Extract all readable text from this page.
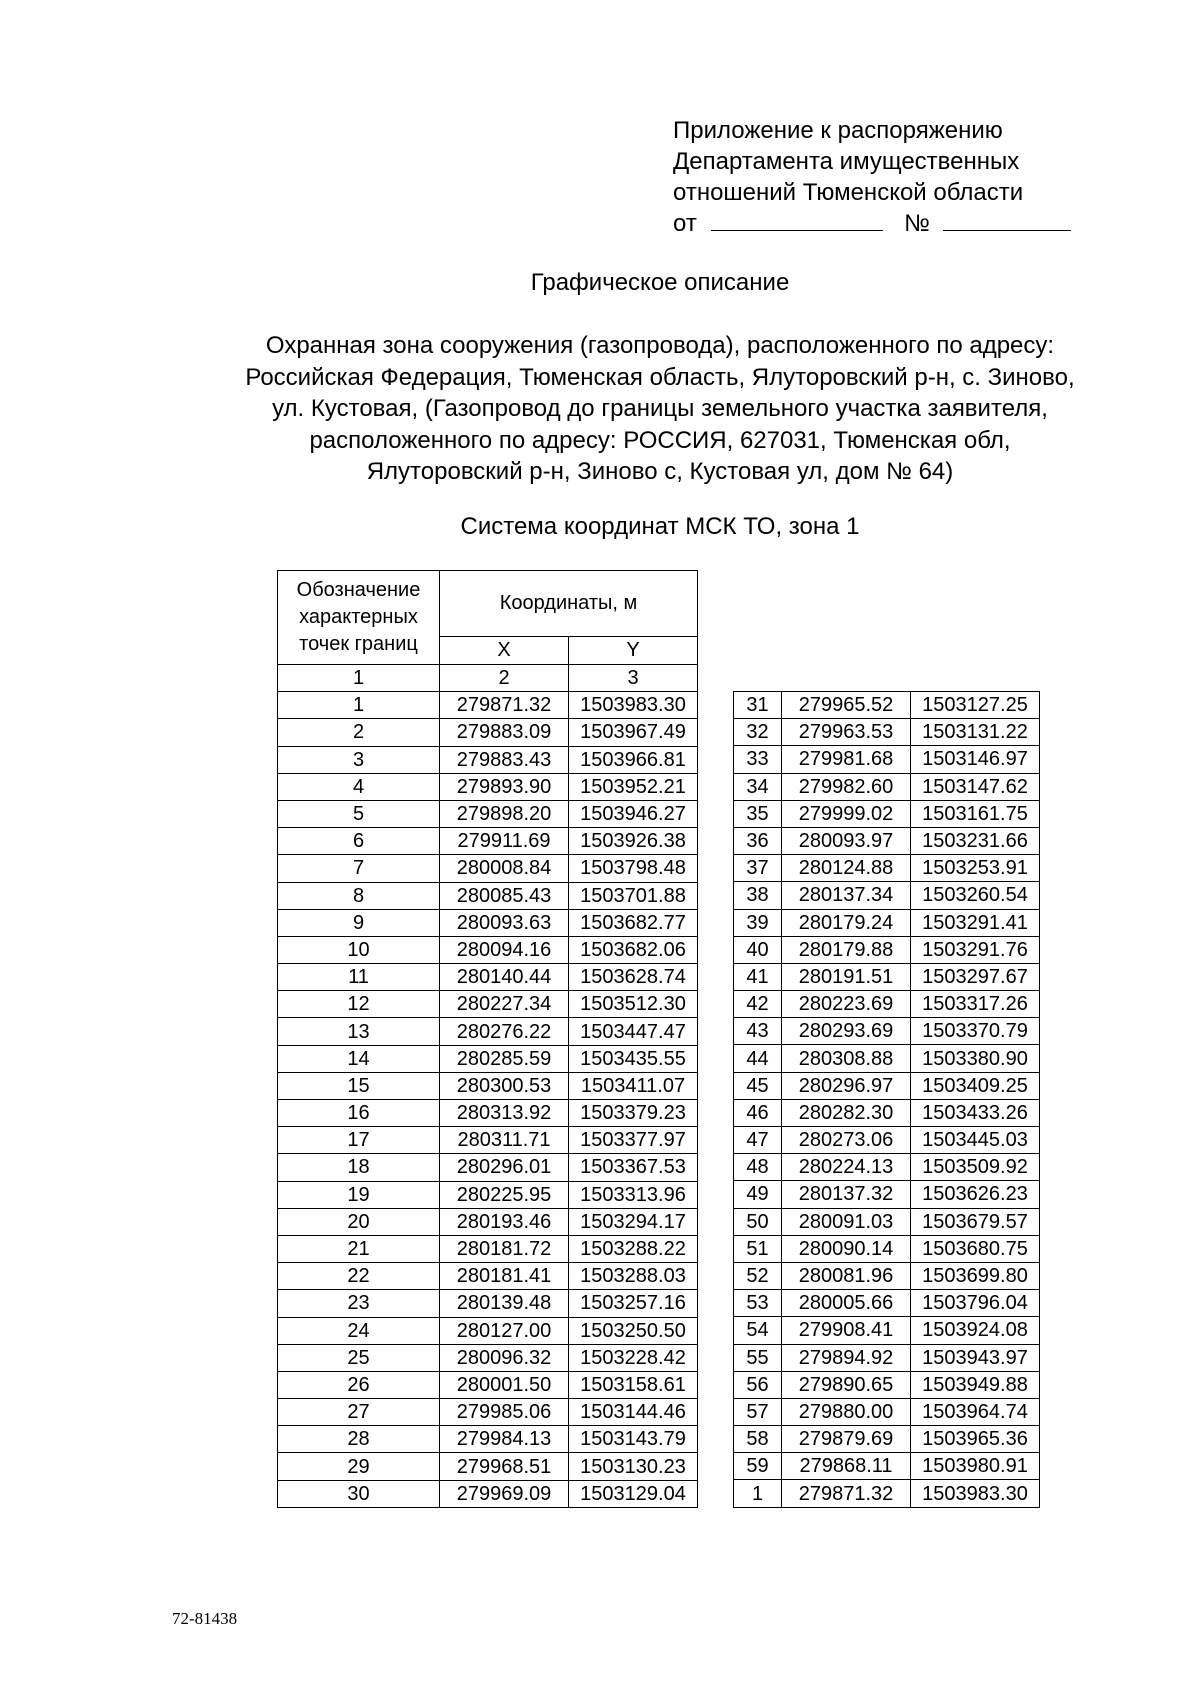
Приложение к распоряжению
Департамента имущественных
отношений Тюменской области
от	№
Графическое описание
Охранная зона сооружения (газопровода), расположенного по адресу:
Российская Федерация, Тюменская область, Ялуторовский р-н, с. Зиново,
ул. Кустовая, (Газопровод до границы земельного участка заявителя,
расположенного по адресу: РОССИЯ, 627031, Тюменская обл,
Ялуторовский р-н, Зиново с, Кустовая ул, дом № 64)
Система координат МСК ТО, зона 1
Обозначение характерных точек границ	Координаты, м	

	X	Y
1	2	3
1	279871.32	1503983.30
2	279883.09	1503967.49
3	279883.43	1503966.81
4	279893.90	1503952.21
5	279898.20	1503946.27
6	279911.69	1503926.38
7	280008.84	1503798.48
8	280085.43	1503701.88
9	280093.63	1503682.77
10	280094.16	1503682.06
11	280140.44	1503628.74
12	280227.34	1503512.30
13	280276.22	1503447.47
14	280285.59	1503435.55
15	280300.53	1503411.07
16	280313.92	1503379.23
17	280311.71	1503377.97
18	280296.01	1503367.53
19	280225.95	1503313.96
20	280193.46	1503294.17
21	280181.72	1503288.22
22	280181.41	1503288.03
23	280139.48	1503257.16
24	280127.00	1503250.50
25	280096.32	1503228.42
26	280001.50	1503158.61
27	279985.06	1503144.46
28	279984.13	1503143.79
29	279968.51	1503130.23
30	279969.09	1503129.04
31	279965.52	1503127.25
32	279963.53	1503131.22
33	279981.68	1503146.97
34	279982.60	1503147.62
35	279999.02	1503161.75
36	280093.97	1503231.66
37	280124.88	1503253.91
38	280137.34	1503260.54
39	280179.24	1503291.41
40	280179.88	1503291.76
41	280191.51	1503297.67
42	280223.69	1503317.26
43	280293.69	1503370.79
44	280308.88	1503380.90
45	280296.97	1503409.25
46	280282.30	1503433.26
47	280273.06	1503445.03
48	280224.13	1503509.92
49	280137.32	1503626.23
50	280091.03	1503679.57
51	280090.14	1503680.75
52	280081.96	1503699.80
53	280005.66	1503796.04
54	279908.41	1503924.08
55	279894.92	1503943.97
56	279890.65	1503949.88
57	279880.00	1503964.74
58	279879.69	1503965.36
59	279868.11	1503980.91
1	279871.32	1503983.30
72-81438
